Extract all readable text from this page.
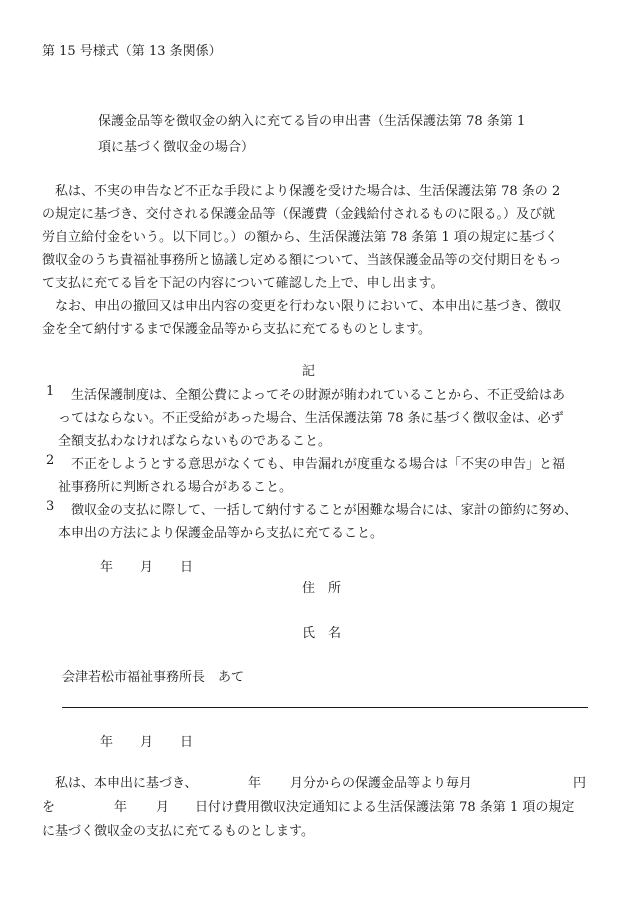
第 15 号様式（第 13 条関係）
保護金品等を徴収金の納入に充てる旨の申出書（生活保護法第 78 条第 1
項に基づく徴収金の場合）
　私は、不実の申告など不正な手段により保護を受けた場合は、生活保護法第 78 条の 2
の規定に基づき、交付される保護金品等（保護費（金銭給付されるものに限る。）及び就
労自立給付金をいう。以下同じ。）の額から、生活保護法第 78 条第 1 項の規定に基づく
徴収金のうち貴福祉事務所と協議し定める額について、当該保護金品等の交付期日をもっ
て支払に充てる旨を下記の内容について確認した上で、申し出ます。
　なお、申出の撤回又は申出内容の変更を行わない限りにおいて、本申出に基づき、徴収
金を全て納付するまで保護金品等から支払に充てるものとします。
記
1 　生活保護制度は、全額公費によってその財源が賄われていることから、不正受給はあ
ってはならない。不正受給があった場合、生活保護法第 78 条に基づく徴収金は、必ず
全額支払わなければならないものであること。
2 　不正をしようとする意思がなくても、申告漏れが度重なる場合は「不実の申告」と福
祉事務所に判断される場合があること。
3 　徴収金の支払に際して、一括して納付することが困難な場合には、家計の節約に努め、
本申出の方法により保護金品等から支払に充てること。
年 月 日
住　所
氏　名
会津若松市福祉事務所長　あて
年 月 日
　私は、本申出に基づき、	年 月分からの保護金品等より毎月	円
を	年 月 日付け費用徴収決定通知による生活保護法第 78 条第 1 項の規定
に基づく徴収金の支払に充てるものとします。
